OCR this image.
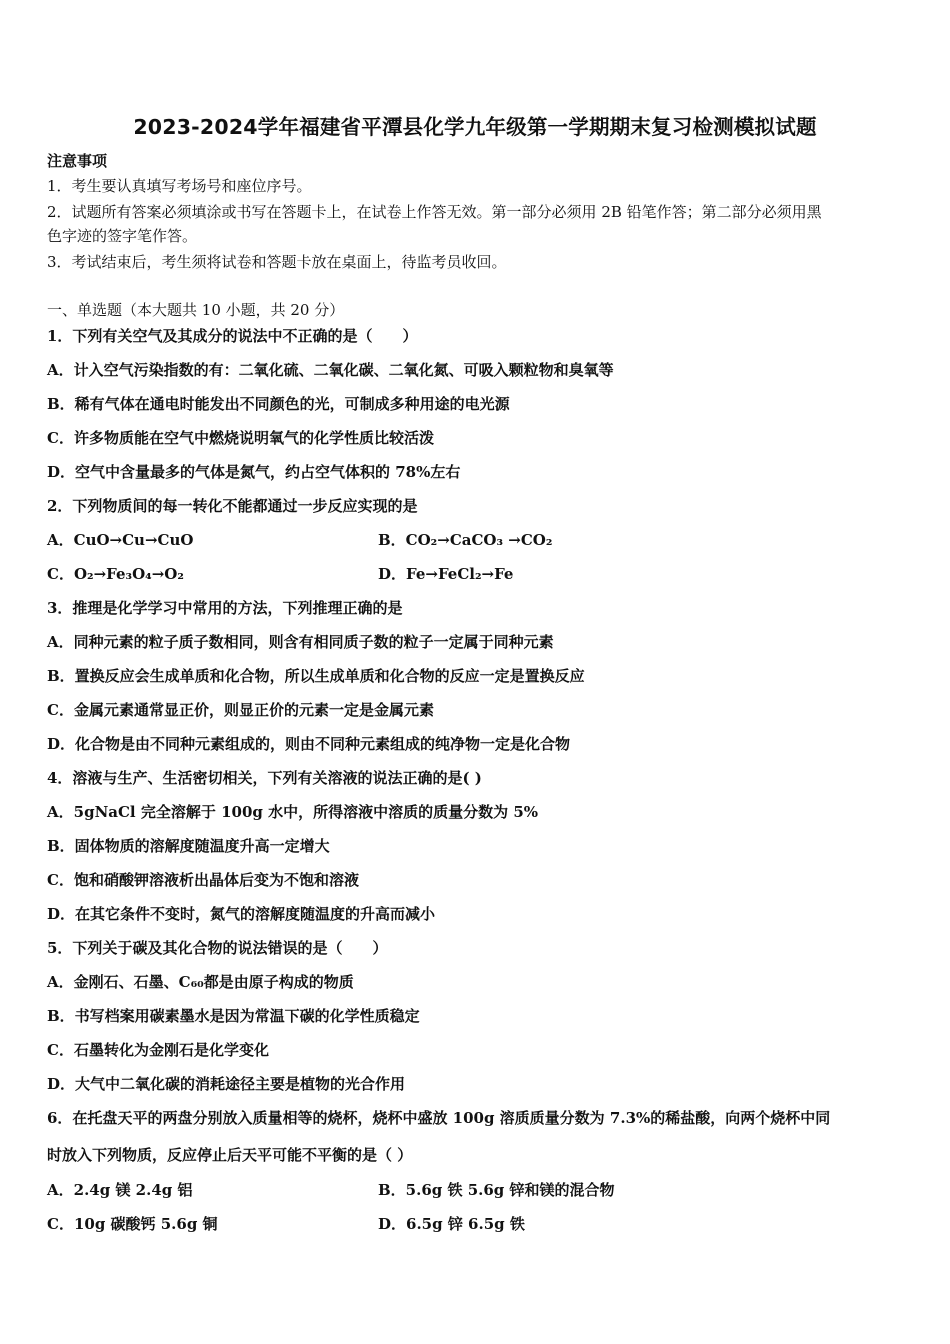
2023-2024学年福建省平潭县化学九年级第一学期期末复习检测模拟试题
注意事项
1．考生要认真填写考场号和座位序号。
2．试题所有答案必须填涂或书写在答题卡上，在试卷上作答无效。第一部分必须用 2B 铅笔作答；第二部分必须用黑
色字迹的签字笔作答。
3．考试结束后，考生须将试卷和答题卡放在桌面上，待监考员收回。
一、单选题（本大题共 10 小题，共 20 分）
1．下列有关空气及其成分的说法中不正确的是（　　）
A．计入空气污染指数的有：二氧化硫、二氧化碳、二氧化氮、可吸入颗粒物和臭氧等
B．稀有气体在通电时能发出不同颜色的光，可制成多种用途的电光源
C．许多物质能在空气中燃烧说明氧气的化学性质比较活泼
D．空气中含量最多的气体是氮气，约占空气体积的 78%左右
2．下列物质间的每一转化不能都通过一步反应实现的是
A．CuO→Cu→CuO	B．CO₂→CaCO₃ →CO₂
C．O₂→Fe₃O₄→O₂	D．Fe→FeCl₂→Fe
3．推理是化学学习中常用的方法，下列推理正确的是
A．同种元素的粒子质子数相同，则含有相同质子数的粒子一定属于同种元素
B．置换反应会生成单质和化合物，所以生成单质和化合物的反应一定是置换反应
C．金属元素通常显正价，则显正价的元素一定是金属元素
D．化合物是由不同种元素组成的，则由不同种元素组成的纯净物一定是化合物
4．溶液与生产、生活密切相关，下列有关溶液的说法正确的是( )
A．5gNaCl 完全溶解于 100g 水中，所得溶液中溶质的质量分数为 5%
B．固体物质的溶解度随温度升高一定增大
C．饱和硝酸钾溶液析出晶体后变为不饱和溶液
D．在其它条件不变时，氮气的溶解度随温度的升高而减小
5．下列关于碳及其化合物的说法错误的是（　　）
A．金刚石、石墨、C₆₀都是由原子构成的物质
B．书写档案用碳素墨水是因为常温下碳的化学性质稳定
C．石墨转化为金刚石是化学变化
D．大气中二氧化碳的消耗途径主要是植物的光合作用
6．在托盘天平的两盘分别放入质量相等的烧杯，烧杯中盛放 100g 溶质质量分数为 7.3%的稀盐酸，向两个烧杯中同
时放入下列物质，反应停止后天平可能不平衡的是（ ）
A．2.4g 镁 2.4g 铝	B．5.6g 铁 5.6g 锌和镁的混合物
C．10g 碳酸钙 5.6g 铜	D．6.5g 锌 6.5g 铁
